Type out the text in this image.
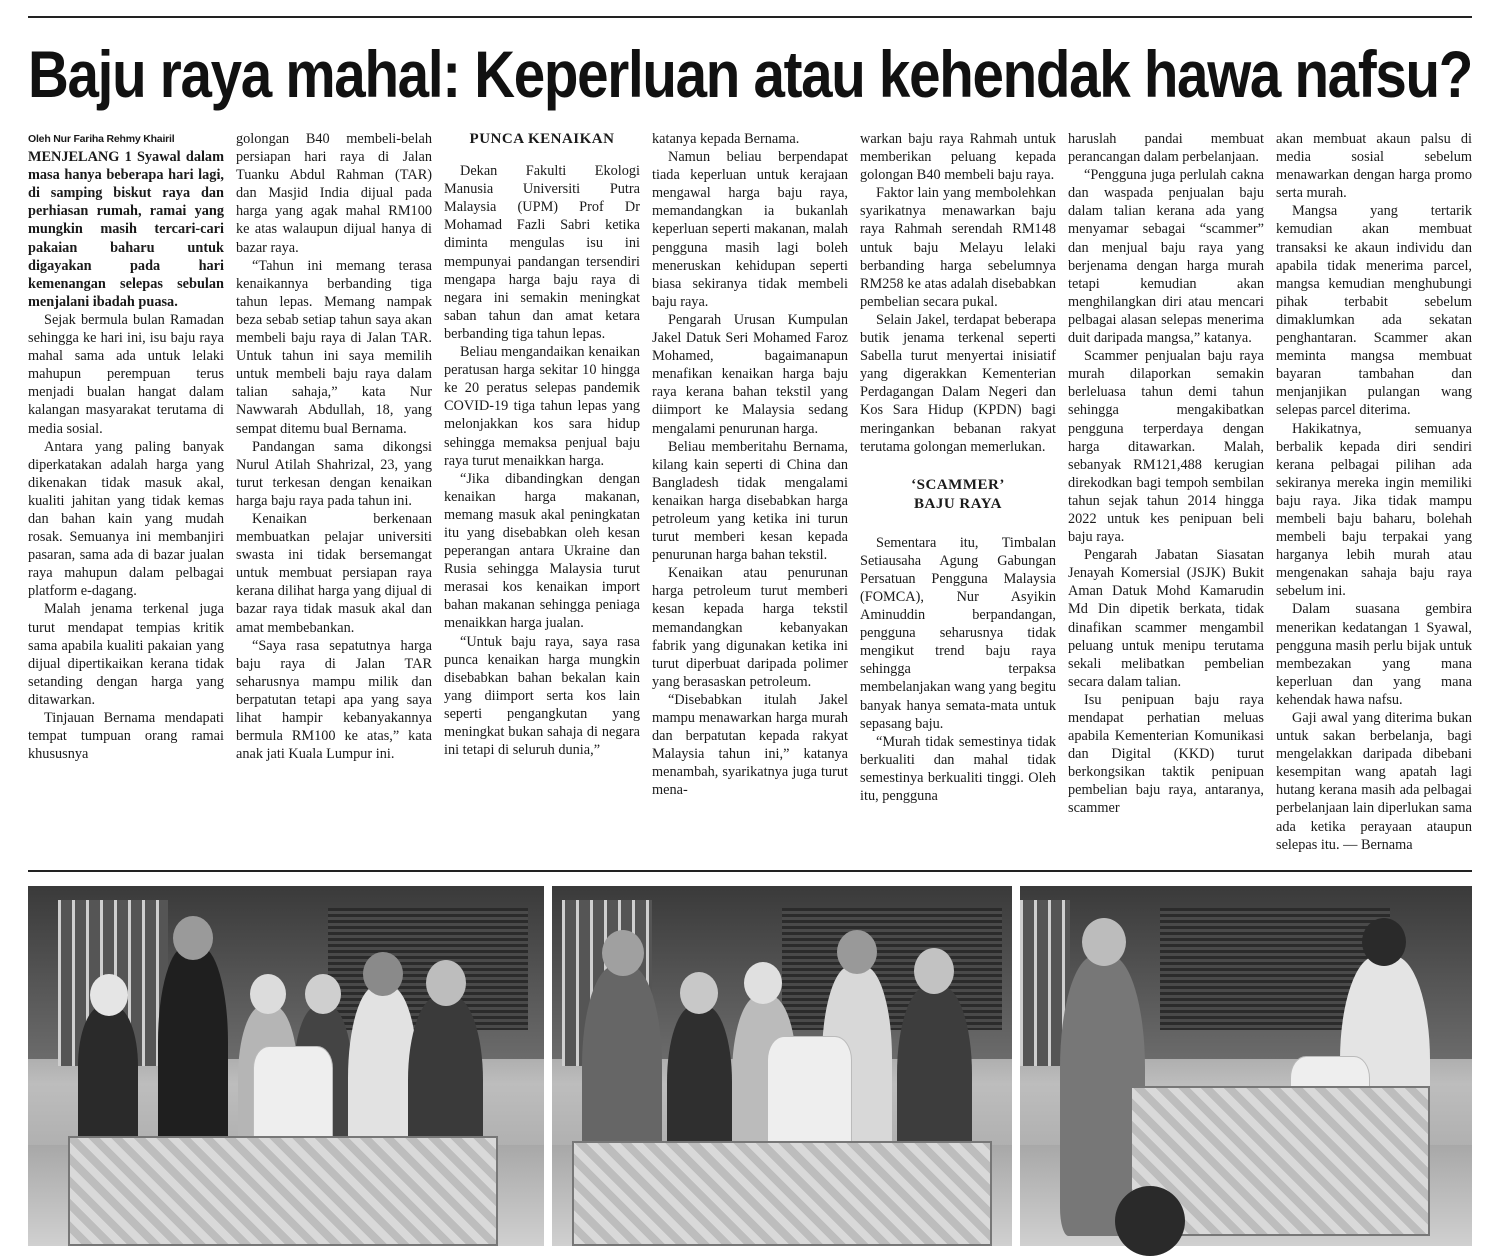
Baju raya mahal: Keperluan atau kehendak hawa nafsu?

Oleh Nur Fariha Rehmy Khairil

MENJELANG 1 Syawal dalam masa hanya beberapa hari lagi, di samping biskut raya dan perhiasan rumah, ramai yang mungkin masih tercari-cari pakaian baharu untuk digayakan pada hari kemenangan selepas sebulan menjalani ibadah puasa.

Sejak bermula bulan Ramadan sehingga ke hari ini, isu baju raya mahal sama ada untuk lelaki mahupun perempuan terus menjadi bualan hangat dalam kalangan masyarakat terutama di media sosial.

Antara yang paling banyak diperkatakan adalah harga yang dikenakan tidak masuk akal, kualiti jahitan yang tidak kemas dan bahan kain yang mudah rosak. Semuanya ini membanjiri pasaran, sama ada di bazar jualan raya mahupun dalam pelbagai platform e-dagang.

Malah jenama terkenal juga turut mendapat tempias kritik sama apabila kualiti pakaian yang dijual dipertikaikan kerana tidak setanding dengan harga yang ditawarkan.

Tinjauan Bernama mendapati tempat tumpuan orang ramai khususnya

golongan B40 membeli-belah persiapan hari raya di Jalan Tuanku Abdul Rahman (TAR) dan Masjid India dijual pada harga yang agak mahal RM100 ke atas walaupun dijual hanya di bazar raya.

“Tahun ini memang terasa kenaikannya berbanding tiga tahun lepas. Memang nampak beza sebab setiap tahun saya akan membeli baju raya di Jalan TAR. Untuk tahun ini saya memilih untuk membeli baju raya dalam talian sahaja,” kata Nur Nawwarah Abdullah, 18, yang sempat ditemu bual Bernama.

Pandangan sama dikongsi Nurul Atilah Shahrizal, 23, yang turut terkesan dengan kenaikan harga baju raya pada tahun ini.

Kenaikan berkenaan membuatkan pelajar universiti swasta ini tidak bersemangat untuk membuat persiapan raya kerana dilihat harga yang dijual di bazar raya tidak masuk akal dan amat membebankan.

“Saya rasa sepatutnya harga baju raya di Jalan TAR seharusnya mampu milik dan berpatutan tetapi apa yang saya lihat hampir kebanyakannya bermula RM100 ke atas,” kata anak jati Kuala Lumpur ini.

PUNCA KENAIKAN

Dekan Fakulti Ekologi Manusia Universiti Putra Malaysia (UPM) Prof Dr Mohamad Fazli Sabri ketika diminta mengulas isu ini mempunyai pandangan tersendiri mengapa harga baju raya di negara ini semakin meningkat saban tahun dan amat ketara berbanding tiga tahun lepas.

Beliau mengandaikan kenaikan peratusan harga sekitar 10 hingga ke 20 peratus selepas pandemik COVID-19 tiga tahun lepas yang melonjakkan kos sara hidup sehingga memaksa penjual baju raya turut menaikkan harga.

“Jika dibandingkan dengan kenaikan harga makanan, memang masuk akal peningkatan itu yang disebabkan oleh kesan peperangan antara Ukraine dan Rusia sehingga Malaysia turut merasai kos kenaikan import bahan makanan sehingga peniaga menaikkan harga jualan.

“Untuk baju raya, saya rasa punca kenaikan harga mungkin disebabkan bahan bekalan kain yang diimport serta kos lain seperti pengangkutan yang meningkat bukan sahaja di negara ini tetapi di seluruh dunia,”

katanya kepada Bernama.

Namun beliau berpendapat tiada keperluan untuk kerajaan mengawal harga baju raya, memandangkan ia bukanlah keperluan seperti makanan, malah pengguna masih lagi boleh meneruskan kehidupan seperti biasa sekiranya tidak membeli baju raya.

Pengarah Urusan Kumpulan Jakel Datuk Seri Mohamed Faroz Mohamed, bagaimanapun menafikan kenaikan harga baju raya kerana bahan tekstil yang diimport ke Malaysia sedang mengalami penurunan harga.

Beliau memberitahu Bernama, kilang kain seperti di China dan Bangladesh tidak mengalami kenaikan harga disebabkan harga petroleum yang ketika ini turun turut memberi kesan kepada penurunan harga bahan tekstil.

Kenaikan atau penurunan harga petroleum turut memberi kesan kepada harga tekstil memandangkan kebanyakan fabrik yang digunakan ketika ini turut diperbuat daripada polimer yang berasaskan petroleum.

“Disebabkan itulah Jakel mampu menawarkan harga murah dan berpatutan kepada rakyat Malaysia tahun ini,” katanya menambah, syarikatnya juga turut mena-

warkan baju raya Rahmah untuk memberikan peluang kepada golongan B40 membeli baju raya.

Faktor lain yang membolehkan syarikatnya menawarkan baju raya Rahmah serendah RM148 untuk baju Melayu lelaki berbanding harga sebelumnya RM258 ke atas adalah disebabkan pembelian secara pukal.

Selain Jakel, terdapat beberapa butik jenama terkenal seperti Sabella turut menyertai inisiatif yang digerakkan Kementerian Perdagangan Dalam Negeri dan Kos Sara Hidup (KPDN) bagi meringankan bebanan rakyat terutama golongan memerlukan.

‘SCAMMER’
BAJU RAYA

Sementara itu, Timbalan Setiausaha Agung Gabungan Persatuan Pengguna Malaysia (FOMCA), Nur Asyikin Aminuddin berpandangan, pengguna seharusnya tidak mengikut trend baju raya sehingga terpaksa membelanjakan wang yang begitu banyak hanya semata-mata untuk sepasang baju.

“Murah tidak semestinya tidak berkualiti dan mahal tidak semestinya berkualiti tinggi. Oleh itu, pengguna

haruslah pandai membuat perancangan dalam perbelanjaan.

“Pengguna juga perlulah cakna dan waspada penjualan baju dalam talian kerana ada yang menyamar sebagai “scammer” dan menjual baju raya yang berjenama dengan harga murah tetapi kemudian akan menghilangkan diri atau mencari pelbagai alasan selepas menerima duit daripada mangsa,” katanya.

Scammer penjualan baju raya murah dilaporkan semakin berleluasa tahun demi tahun sehingga mengakibatkan pengguna terperdaya dengan harga ditawarkan. Malah, sebanyak RM121,488 kerugian direkodkan bagi tempoh sembilan tahun sejak tahun 2014 hingga 2022 untuk kes penipuan beli baju raya.

Pengarah Jabatan Siasatan Jenayah Komersial (JSJK) Bukit Aman Datuk Mohd Kamarudin Md Din dipetik berkata, tidak dinafikan scammer mengambil peluang untuk menipu terutama sekali melibatkan pembelian secara dalam talian.

Isu penipuan baju raya mendapat perhatian meluas apabila Kementerian Komunikasi dan Digital (KKD) turut berkongsikan taktik penipuan pembelian baju raya, antaranya, scammer

akan membuat akaun palsu di media sosial sebelum menawarkan dengan harga promo serta murah.

Mangsa yang tertarik kemudian akan membuat transaksi ke akaun individu dan apabila tidak menerima parcel, mangsa kemudian menghubungi pihak terbabit sebelum dimaklumkan ada sekatan penghantaran. Scammer akan meminta mangsa membuat bayaran tambahan dan menjanjikan pulangan wang selepas parcel diterima.

Hakikatnya, semuanya berbalik kepada diri sendiri kerana pelbagai pilihan ada sekiranya mereka ingin memiliki baju raya. Jika tidak mampu membeli baju baharu, bolehah membeli baju terpakai yang harganya lebih murah atau mengenakan sahaja baju raya sebelum ini.

Dalam suasana gembira menerikan kedatangan 1 Syawal, pengguna masih perlu bijak untuk membezakan yang mana keperluan dan yang mana kehendak hawa nafsu.

Gaji awal yang diterima bukan untuk sakan berbelanja, bagi mengelakkan daripada dibebani kesempitan wang apatah lagi hutang kerana masih ada pelbagai perbelanjaan lain diperlukan sama ada ketika perayaan ataupun selepas itu. — Bernama
